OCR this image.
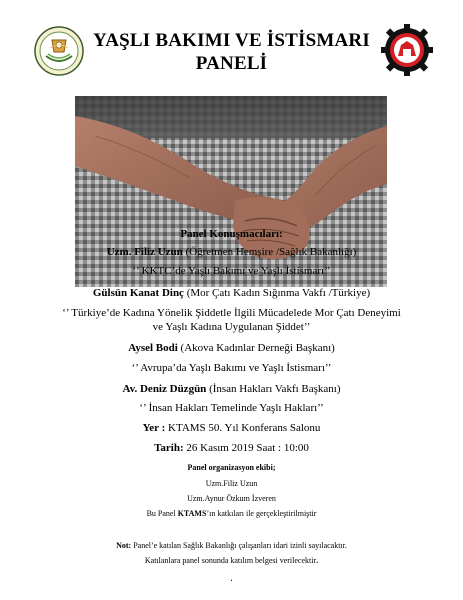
YAŞLI BAKIMI VE İSTİSMARI
PANELİ
Panel Konuşmacıları:
Uzm. Filiz Uzun (Öğretmen Hemşire /Sağlık Bakanlığı)
‘’ KKTC’de Yaşlı Bakımı ve Yaşlı İstismarı’’
Gülsün Kanat Dinç (Mor Çatı Kadın Sığınma Vakfı /Türkiye)
‘’ Türkiye’de Kadına Yönelik Şiddetle İlgili Mücadelede Mor Çatı Deneyimi
ve Yaşlı Kadına Uygulanan Şiddet’’
Aysel Bodi (Akova Kadınlar Derneği Başkanı)
‘’ Avrupa’da Yaşlı Bakımı ve Yaşlı İstismarı’’
Av. Deniz Düzgün (İnsan Hakları Vakfı Başkanı)
‘’ İnsan Hakları Temelinde Yaşlı Hakları’’
Yer : KTAMS 50. Yıl Konferans Salonu
Tarih: 26 Kasım 2019 Saat : 10:00
Panel organizasyon ekibi;
Uzm.Filiz Uzun
Uzm.Aynur Özkum İzveren
Bu Panel KTAMS’ın katkıları ile gerçekleştirilmiştir
Not: Panel’e katılan Sağlık Bakanlığı çalışanları idari izinli sayılacaktır.
Katılanlara panel sonunda katılım belgesi verilecektir.
.
